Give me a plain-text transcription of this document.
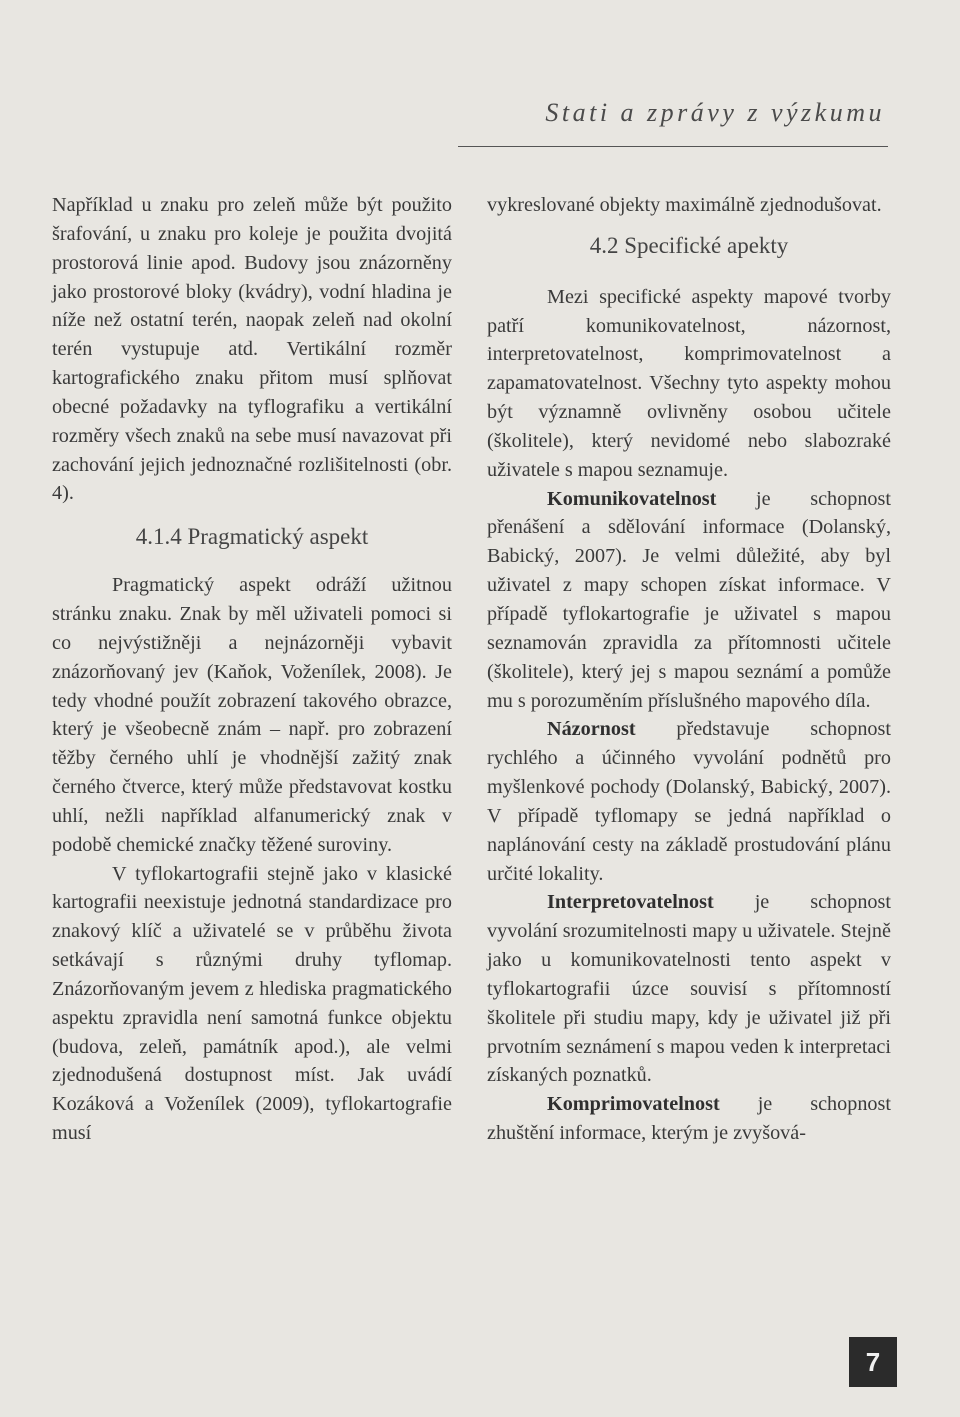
Stati a zprávy z výzkumu

Například u znaku pro zeleň může být použito šrafování, u znaku pro koleje je použita dvojitá prostorová linie apod. Budovy jsou znázorněny jako prostorové bloky (kvádry), vodní hladina je níže než ostatní terén, naopak zeleň nad okolní terén vystupuje atd. Vertikální rozměr kartografického znaku přitom musí splňovat obecné požadavky na tyflografiku a vertikální rozměry všech znaků na sebe musí navazovat při zachování jejich jednoznačné rozlišitelnosti (obr. 4).

4.1.4 Pragmatický aspekt

Pragmatický aspekt odráží užitnou stránku znaku. Znak by měl uživateli pomoci si co nejvýstižněji a nejnázorněji vybavit znázorňovaný jev (Kaňok, Voženílek, 2008). Je tedy vhodné použít zobrazení takového obrazce, který je všeobecně znám – např. pro zobrazení těžby černého uhlí je vhodnější zažitý znak černého čtverce, který může představovat kostku uhlí, nežli například alfanumerický znak v podobě chemické značky těžené suroviny.

V tyflokartografii stejně jako v klasické kartografii neexistuje jednotná standardizace pro znakový klíč a uživatelé se v průběhu života setkávají s různými druhy tyflomap. Znázorňovaným jevem z hlediska pragmatického aspektu zpravidla není samotná funkce objektu (budova, zeleň, památník apod.), ale velmi zjednodušená dostupnost míst. Jak uvádí Kozáková a Voženílek (2009), tyflokartografie musí

vykreslované objekty maximálně zjednodušovat.

4.2 Specifické apekty

Mezi specifické aspekty mapové tvorby patří komunikovatelnost, názornost, interpretovatelnost, komprimovatelnost a zapamatovatelnost. Všechny tyto aspekty mohou být významně ovlivněny osobou učitele (školitele), který nevidomé nebo slabozraké uživatele s mapou seznamuje.

Komunikovatelnost je schopnost přenášení a sdělování informace (Dolanský, Babický, 2007). Je velmi důležité, aby byl uživatel z mapy schopen získat informace. V případě tyflokartografie je uživatel s mapou seznamován zpravidla za přítomnosti učitele (školitele), který jej s mapou seznámí a pomůže mu s porozuměním příslušného mapového díla.

Názornost představuje schopnost rychlého a účinného vyvolání podnětů pro myšlenkové pochody (Dolanský, Babický, 2007). V případě tyflomapy se jedná například o naplánování cesty na základě prostudování plánu určité lokality.

Interpretovatelnost je schopnost vyvolání srozumitelnosti mapy u uživatele. Stejně jako u komunikovatelnosti tento aspekt v tyflokartografii úzce souvisí s přítomností školitele při studiu mapy, kdy je uživatel již při prvotním seznámení s mapou veden k interpretaci získaných poznatků.

Komprimovatelnost je schopnost zhuštění informace, kterým je zvyšová-

7
